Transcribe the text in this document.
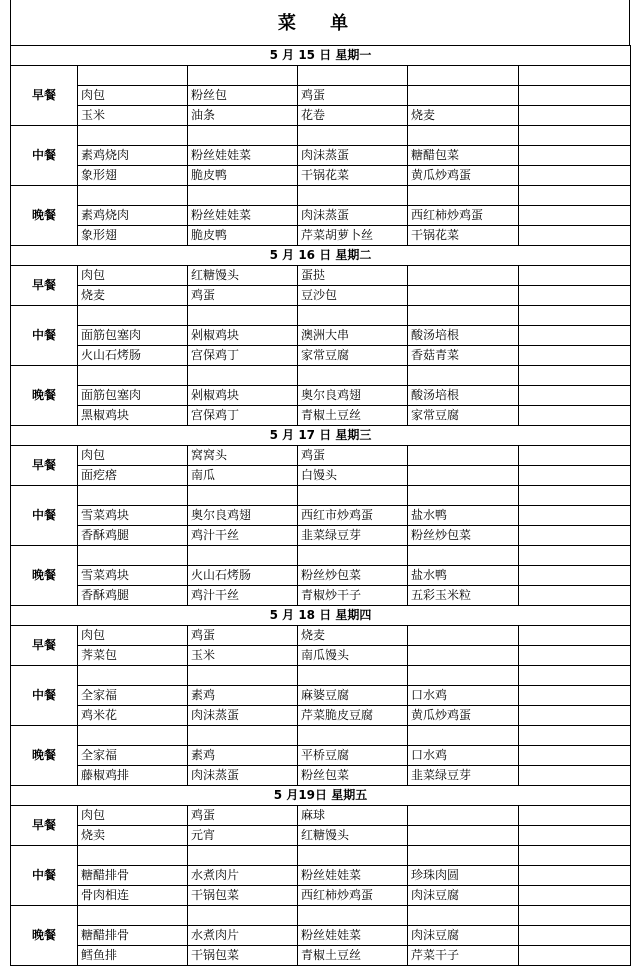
菜 单
5 月 15 日 星期一					
早餐					
	肉包	粉丝包	鸡蛋		
	玉米	油条	花卷	烧麦	
中餐					
	素鸡烧肉	粉丝娃娃菜	肉沫蒸蛋	糖醋包菜	
	象形翅	脆皮鸭	干锅花菜	黄瓜炒鸡蛋	
晚餐					
	素鸡烧肉	粉丝娃娃菜	肉沫蒸蛋	西红柿炒鸡蛋	
	象形翅	脆皮鸭	芹菜胡萝卜丝	干锅花菜	
5 月 16 日 星期二					
早餐	肉包	红糖馒头	蛋挞		
	烧麦	鸡蛋	豆沙包		
中餐					
	面筋包塞肉	剁椒鸡块	澳洲大串	酸汤培根	
	火山石烤肠	宫保鸡丁	家常豆腐	香菇青菜	
晚餐					
	面筋包塞肉	剁椒鸡块	奥尔良鸡翅	酸汤培根	
	黑椒鸡块	宫保鸡丁	青椒土豆丝	家常豆腐	
5 月 17 日 星期三					
早餐	肉包	窝窝头	鸡蛋		
	面疙瘩	南瓜	白馒头		
中餐					
	雪菜鸡块	奥尔良鸡翅	西红市炒鸡蛋	盐水鸭	
	香酥鸡腿	鸡汁干丝	韭菜绿豆芽	粉丝炒包菜	
晚餐					
	雪菜鸡块	火山石烤肠	粉丝炒包菜	盐水鸭	
	香酥鸡腿	鸡汁干丝	青椒炒干子	五彩玉米粒	
5 月 18 日 星期四					
早餐	肉包	鸡蛋	烧麦		
	荠菜包	玉米	南瓜馒头		
中餐					
	全家福	素鸡	麻婆豆腐	口水鸡	
	鸡米花	肉沫蒸蛋	芹菜脆皮豆腐	黄瓜炒鸡蛋	
晚餐					
	全家福	素鸡	平桥豆腐	口水鸡	
	藤椒鸡排	肉沫蒸蛋	粉丝包菜	韭菜绿豆芽	
5 月19日 星期五					
早餐	肉包	鸡蛋	麻球		
	烧卖	元宵	红糖馒头		
中餐					
	糖醋排骨	水煮肉片	粉丝娃娃菜	珍珠肉圆	
	骨肉相连	干锅包菜	西红柿炒鸡蛋	肉沫豆腐	
晚餐					
	糖醋排骨	水煮肉片	粉丝娃娃菜	肉沫豆腐	
	鳕鱼排	干锅包菜	青椒土豆丝	芹菜干子	
